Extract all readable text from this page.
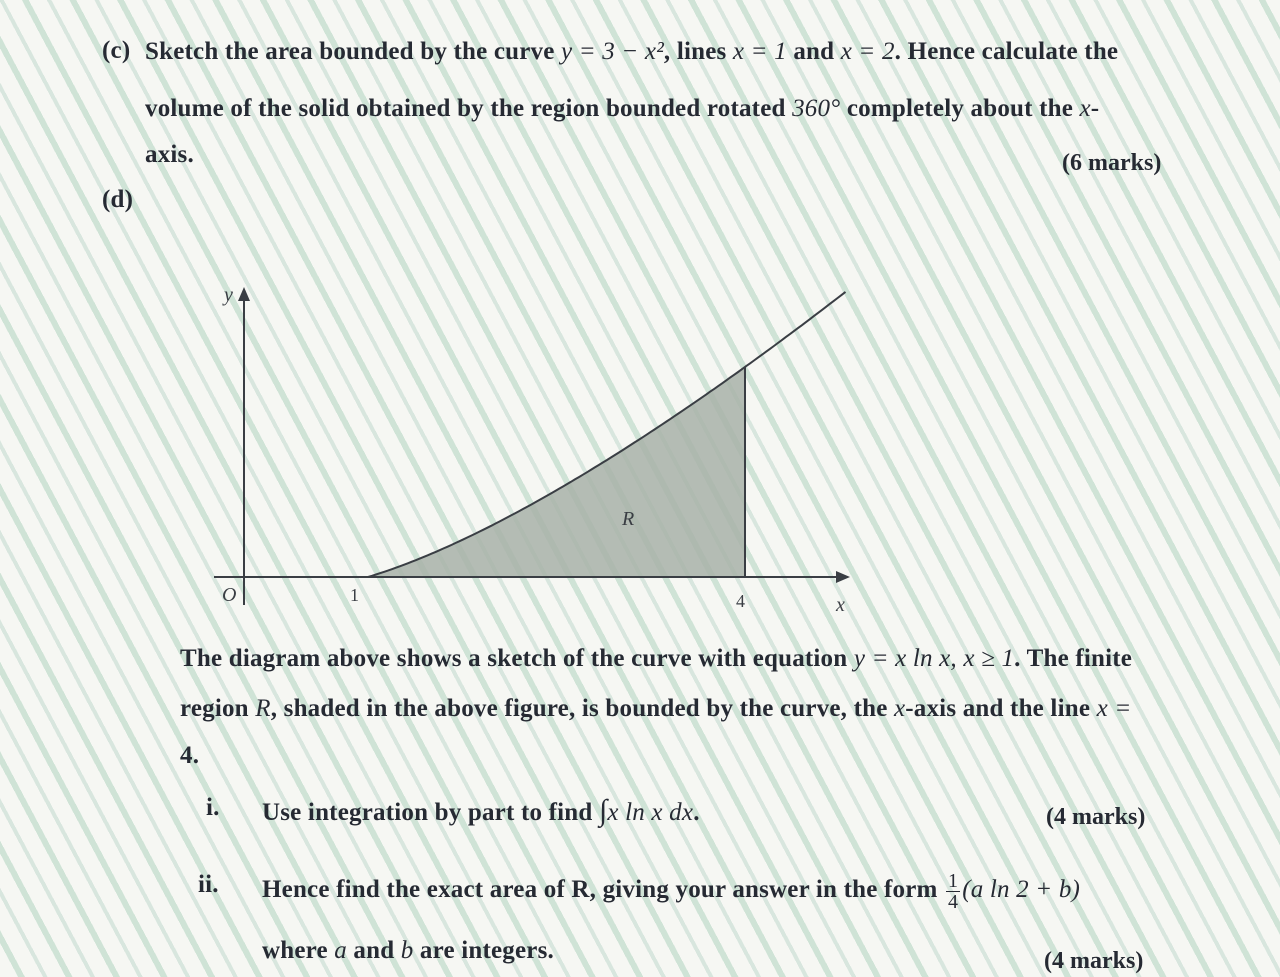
(c) Sketch the area bounded by the curve y = 3 − x², lines x = 1 and x = 2. Hence calculate the
volume of the solid obtained by the region bounded rotated 360° completely about the x-
axis.	(6 marks)
(d)
y
x
O	1	4
R
The diagram above shows a sketch of the curve with equation y = x ln x, x ≥ 1. The finite
region R, shaded in the above figure, is bounded by the curve, the x-axis and the line x =
4.
i. Use integration by part to find ∫x ln x dx.	(4 marks)
ii. Hence find the exact area of R, giving your answer in the form $\frac{1}{4} (a$ ln 2 + b)
where a and b are integers.	(4 marks)
